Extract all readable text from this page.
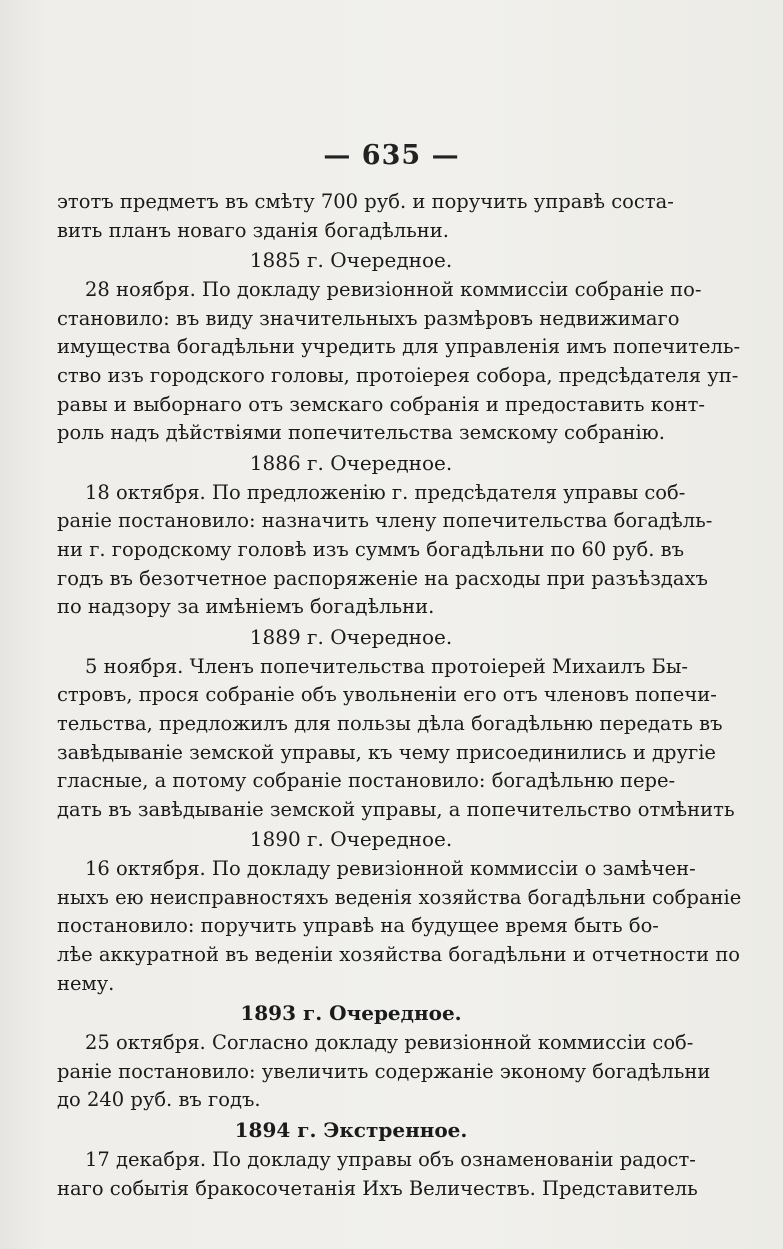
— 635 —
этотъ предметъ въ смѣту 700 руб. и поручить управѣ соста-
вить планъ новаго зданія богадѣльни.
1885 г. Очередное.
28 ноября. По докладу ревизіонной коммиссіи собраніе по-
становило: въ виду значительныхъ размѣровъ недвижимаго
имущества богадѣльни учредить для управленія имъ попечитель-
ство изъ городского головы, протоіерея собора, предсѣдателя уп-
равы и выборнаго отъ земскаго собранія и предоставить конт-
роль надъ дѣйствіями попечительства земскому собранію.
1886 г. Очередное.
18 октября. По предложенію г. предсѣдателя управы соб-
раніе постановило: назначить члену попечительства богадѣль-
ни г. городскому головѣ изъ суммъ богадѣльни по 60 руб. въ
годъ въ безотчетное распоряженіе на расходы при разъѣздахъ
по надзору за имѣніемъ богадѣльни.
1889 г. Очередное.
5 ноября. Членъ попечительства протоіерей Михаилъ Бы-
стровъ, прося собраніе объ увольненіи его отъ членовъ попечи-
тельства, предложилъ для пользы дѣла богадѣльню передать въ
завѣдываніе земской управы, къ чему присоединились и другіе
гласные, а потому собраніе постановило: богадѣльню пере-
дать въ завѣдываніе земской управы, а попечительство отмѣнить
1890 г. Очередное.
16 октября. По докладу ревизіонной коммиссіи о замѣчен-
ныхъ ею неисправностяхъ веденія хозяйства богадѣльни собраніе
постановило: поручить управѣ на будущее время быть бо-
лѣе аккуратной въ веденіи хозяйства богадѣльни и отчетности по
нему.
1893 г. Очередное.
25 октября. Согласно докладу ревизіонной коммиссіи соб-
раніе постановило: увеличить содержаніе эконому богадѣльни
до 240 руб. въ годъ.
1894 г. Экстренное.
17 декабря. По докладу управы объ ознаменованіи радост-
наго событія бракосочетанія Ихъ Величествъ. Представитель
